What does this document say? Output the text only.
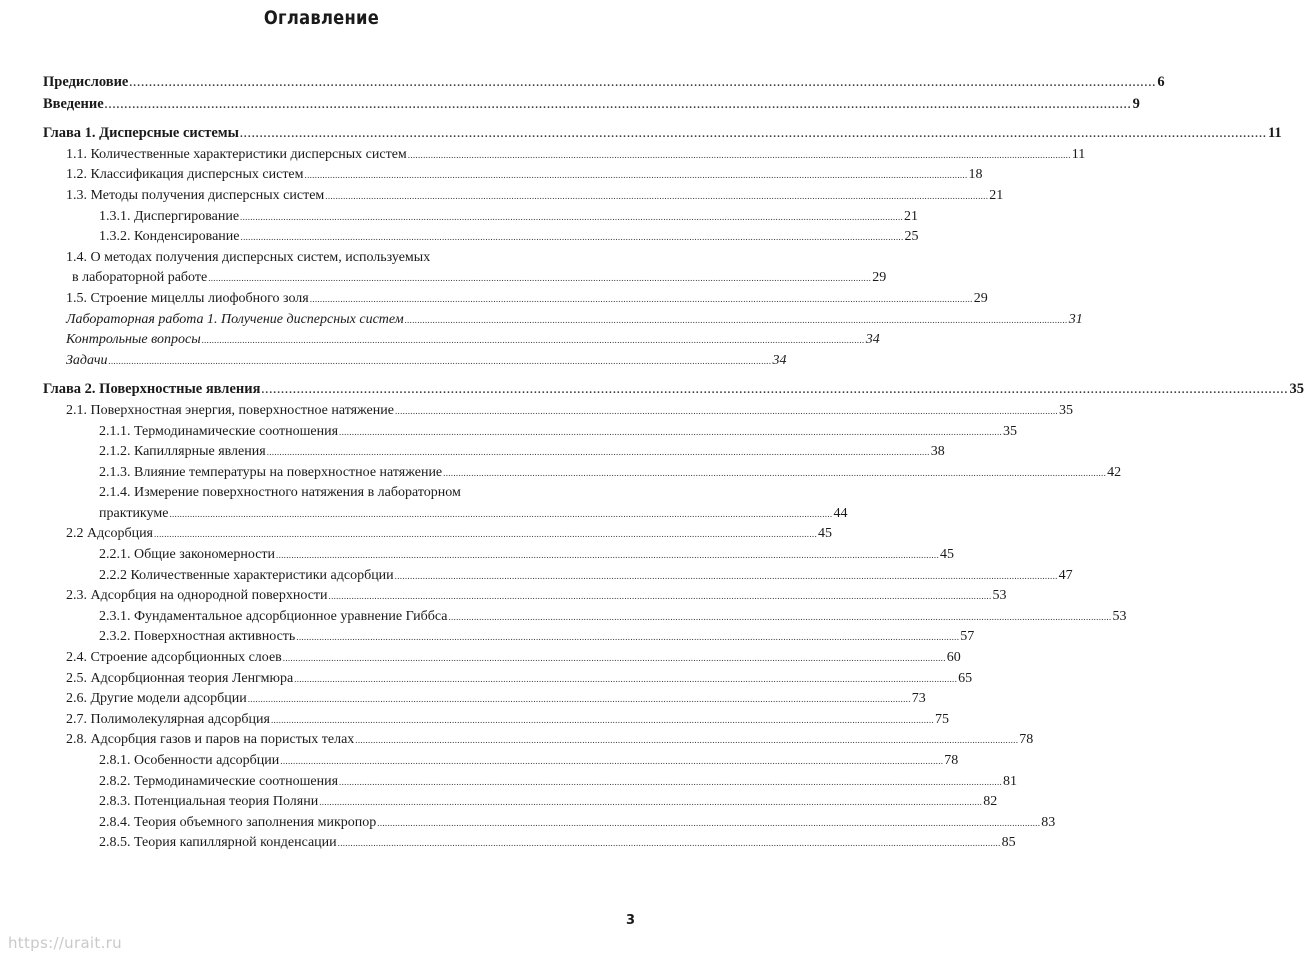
Оглавление
Предисловие .....	6
Введение .....	9
Глава 1. Дисперсные системы .....	11
1.1. Количественные характеристики дисперсных систем .....	11
1.2. Классификация дисперсных систем .....	18
1.3. Методы получения дисперсных систем .....	21
1.3.1. Диспергирование .....	21
1.3.2. Конденсирование .....	25
1.4. О методах получения дисперсных систем, используемых
в лабораторной работе .....	29
1.5. Строение мицеллы лиофобного золя .....	29
Лабораторная работа 1. Получение дисперсных систем .....	31
Контрольные вопросы .....	34
Задачи .....	34
Глава 2. Поверхностные явления .....	35
2.1. Поверхностная энергия, поверхностное натяжение .....	35
2.1.1. Термодинамические соотношения .....	35
2.1.2. Капиллярные явления .....	38
2.1.3. Влияние температуры на поверхностное натяжение .....	42
2.1.4. Измерение поверхностного натяжения в лабораторном
практикуме .....	44
2.2 Адсорбция .....	45
2.2.1. Общие закономерности .....	45
2.2.2 Количественные характеристики адсорбции .....	47
2.3. Адсорбция на однородной поверхности .....	53
2.3.1. Фундаментальное адсорбционное уравнение Гиббса .....	53
2.3.2. Поверхностная активность .....	57
2.4. Строение адсорбционных слоев .....	60
2.5. Адсорбционная теория Ленгмюра .....	65
2.6. Другие модели адсорбции .....	73
2.7. Полимолекулярная адсорбция .....	75
2.8. Адсорбция газов и паров на пористых телах .....	78
2.8.1. Особенности адсорбции .....	78
2.8.2. Термодинамические соотношения .....	81
2.8.3. Потенциальная теория Поляни .....	82
2.8.4. Теория объемного заполнения микропор .....	83
2.8.5. Теория капиллярной конденсации .....	85
3
https://urait.ru
